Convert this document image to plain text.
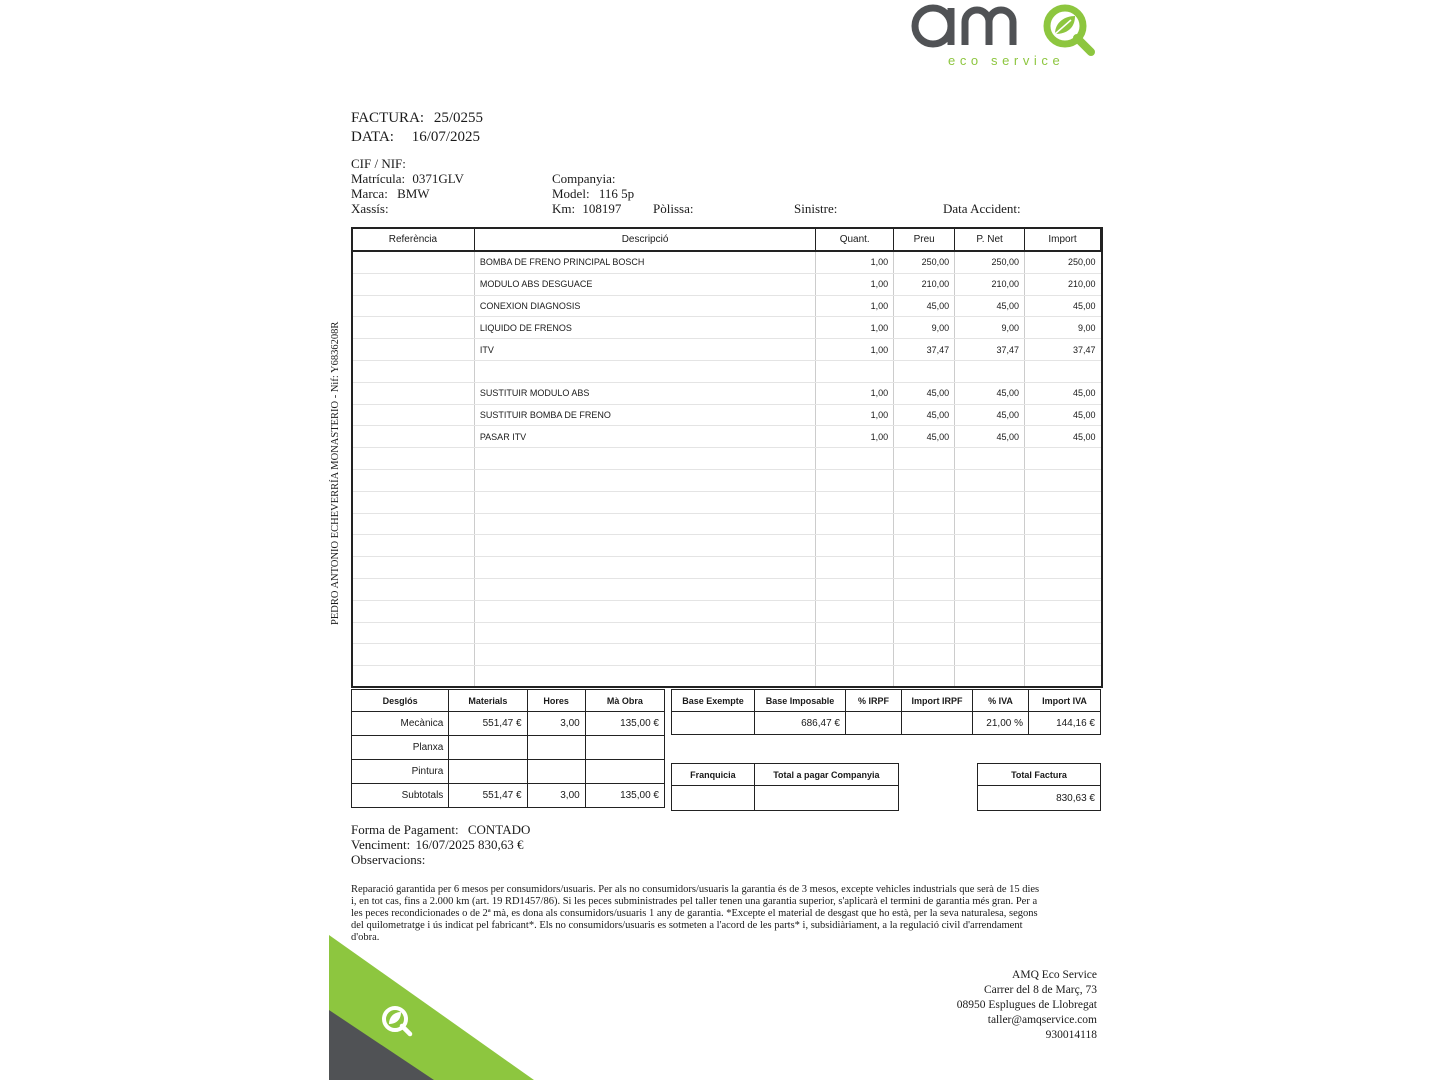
eco service
FACTURA: 25/0255
DATA: 16/07/2025
CIF / NIF:
Matrícula: 0371GLV
Marca: BMW
Xassís:
Companyia:
Model: 116 5p
Km: 108197 Pòlissa:	Sinistre:	Data Accident:
PEDRO ANTONIO ECHEVERRÍA MONASTERIO - Nif: Y6836208R
Referència	Descripció	Quant.	Preu	P. Net	Import
	BOMBA DE FRENO PRINCIPAL BOSCH	1,00	250,00	250,00	250,00
	MODULO ABS DESGUACE	1,00	210,00	210,00	210,00
	CONEXION DIAGNOSIS	1,00	45,00	45,00	45,00
	LIQUIDO DE FRENOS	1,00	9,00	9,00	9,00
	ITV	1,00	37,47	37,47	37,47

	SUSTITUIR MODULO ABS	1,00	45,00	45,00	45,00
	SUSTITUIR BOMBA DE FRENO	1,00	45,00	45,00	45,00
	PASAR ITV	1,00	45,00	45,00	45,00

Desglós	Materials	Hores	Mà Obra
Mecànica	551,47 €	3,00	135,00 €
Planxa			
Pintura			
Subtotals	551,47 €	3,00	135,00 €
Base Exempte	Base Imposable	% IRPF	Import IRPF	% IVA	Import IVA
	686,47 €			21,00 %	144,16 €
Franquicia	Total a pagar Companyia
		Total Factura
830,63 €
Forma de Pagament: CONTADO
Venciment: 16/07/2025 830,63 €
Observacions:
Reparació garantida per 6 mesos per consumidors/usuaris. Per als no consumidors/usuaris la garantia és de 3 mesos, excepte vehicles industrials que serà de 15 dies i, en tot cas, fins a 2.000 km (art. 19 RD1457/86). Si les peces subministrades pel taller tenen una garantia superior, s'aplicarà el termini de garantia més gran. Per a les peces recondicionades o de 2ª mà, es dona als consumidors/usuaris 1 any de garantia. *Excepte el material de desgast que ho està, per la seva naturalesa, segons del quilometratge i ús indicat pel fabricant*. Els no consumidors/usuaris es sotmeten a l'acord de les parts* i, subsidiàriament, a la regulació civil d'arrendament d'obra.
AMQ Eco Service
Carrer del 8 de Març, 73
08950 Esplugues de Llobregat
taller@amqservice.com
930014118
